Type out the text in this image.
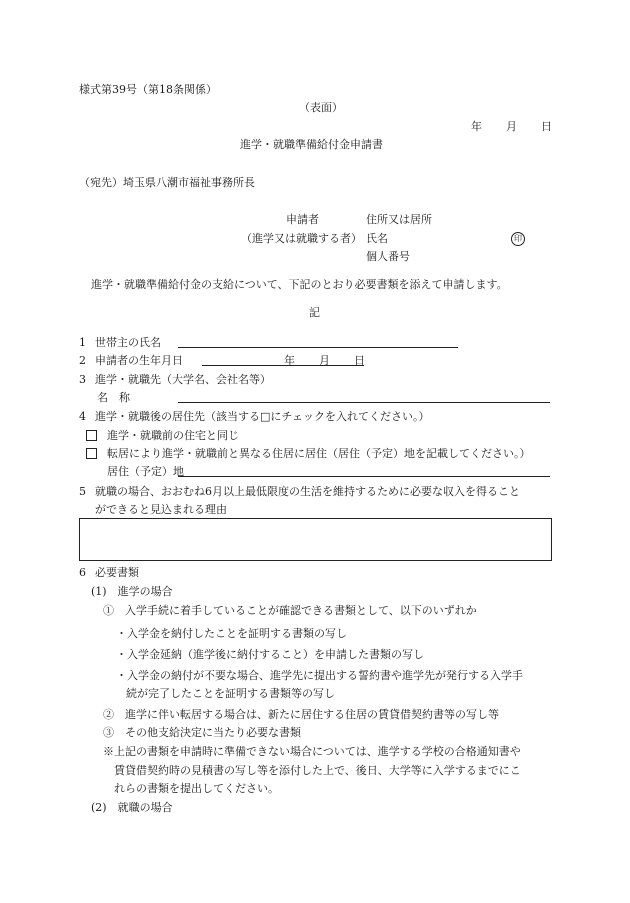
様式第39号（第18条関係）
（表面）
年 月 日
進学・就職準備給付金申請書
（宛先）埼玉県八潮市福祉事務所長
申請者	住所又は居所
（進学又は就職する者） 氏名	印
個人番号
進学・就職準備給付金の支給について、下記のとおり必要書類を添えて申請します。
記
1 世帯主の氏名
2 申請者の生年月日	年 月 日
3 進学・就職先（大学名、会社名等）
名　称
4 進学・就職後の居住先（該当する□にチェックを入れてください。）
進学・就職前の住宅と同じ
転居により進学・就職前と異なる住居に居住（居住（予定）地を記載してください。）
居住（予定）地
5 就職の場合、おおむね6月以上最低限度の生活を維持するために必要な収入を得ること
ができると見込まれる理由
6 必要書類
(1)　進学の場合
①　入学手続に着手していることが確認できる書類として、以下のいずれか
・入学金を納付したことを証明する書類の写し
・入学金延納（進学後に納付すること）を申請した書類の写し
・入学金の納付が不要な場合、進学先に提出する誓約書や進学先が発行する入学手
続が完了したことを証明する書類等の写し
②　進学に伴い転居する場合は、新たに居住する住居の賃貸借契約書等の写し等
③　その他支給決定に当たり必要な書類
※上記の書類を申請時に準備できない場合については、進学する学校の合格通知書や
賃貸借契約時の見積書の写し等を添付した上で、後日、大学等に入学するまでにこ
れらの書類を提出してください。
(2)　就職の場合
